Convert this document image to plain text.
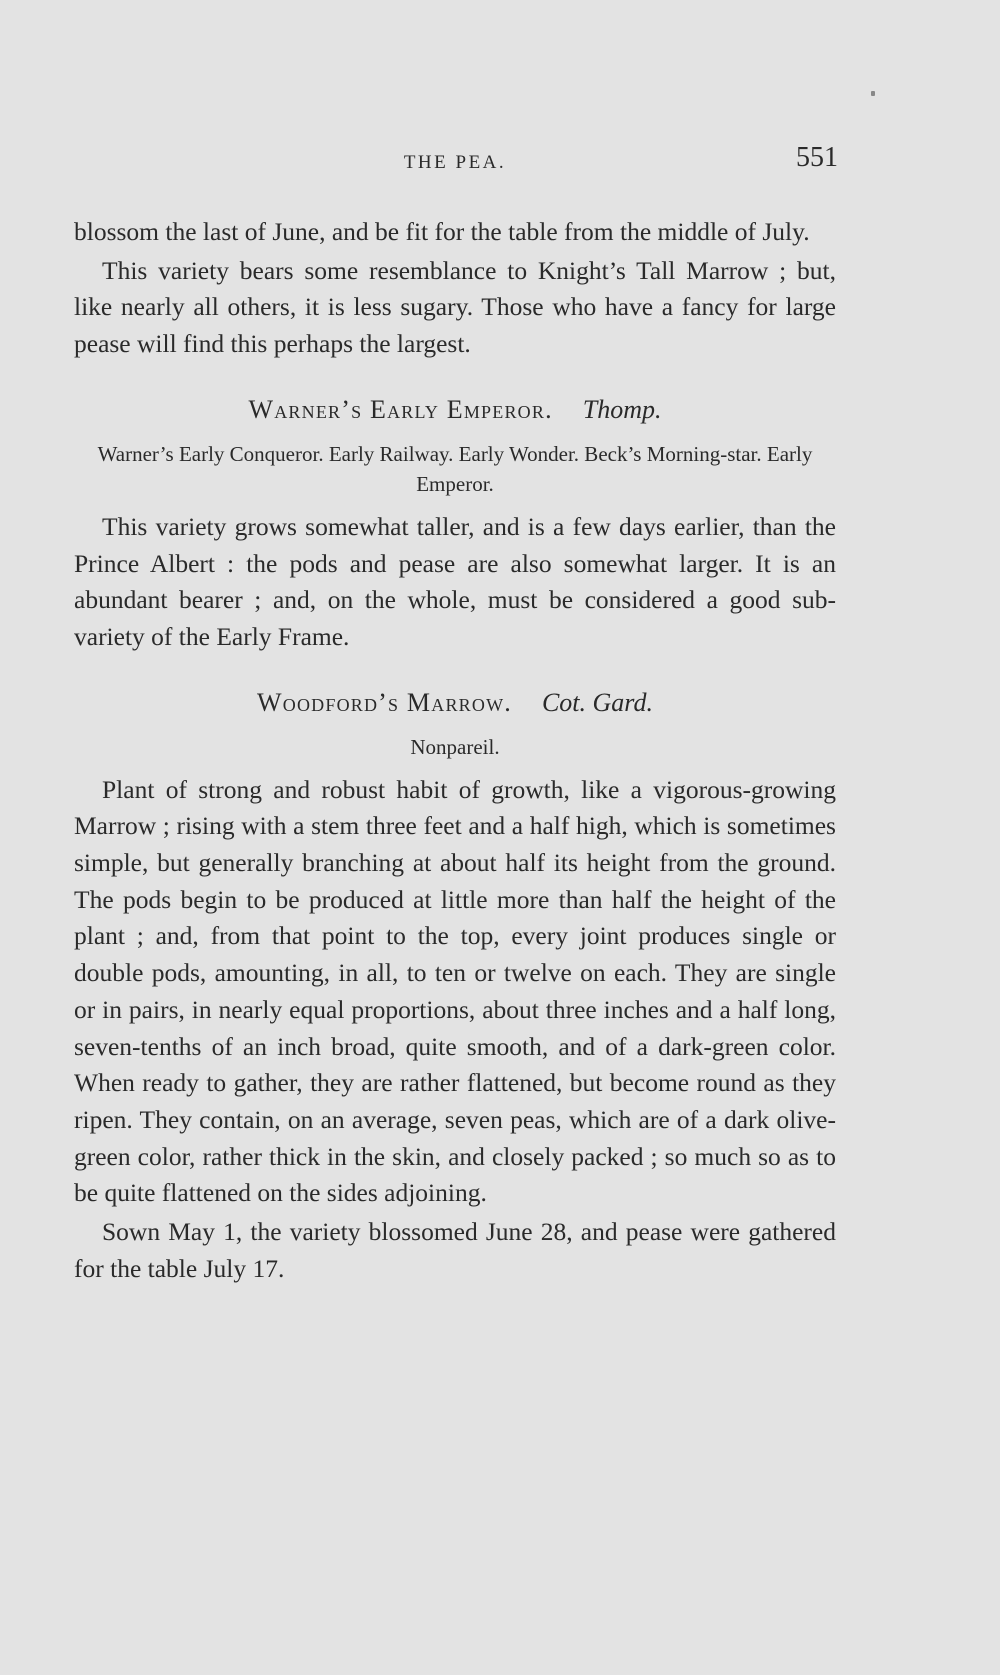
THE PEA.	551

blossom the last of June, and be fit for the table from the middle of July.

This variety bears some resemblance to Knight’s Tall Marrow ; but, like nearly all others, it is less sugary. Those who have a fancy for large pease will find this perhaps the largest.

Warner’s Early Emperor. Thomp.
Warner’s Early Conqueror. Early Railway. Early Wonder. Beck’s Morning-star. Early Emperor.

This variety grows somewhat taller, and is a few days earlier, than the Prince Albert : the pods and pease are also somewhat larger. It is an abundant bearer ; and, on the whole, must be considered a good sub-variety of the Early Frame.

Woodford’s Marrow. Cot. Gard.
Nonpareil.

Plant of strong and robust habit of growth, like a vigorous-growing Marrow ; rising with a stem three feet and a half high, which is sometimes simple, but generally branching at about half its height from the ground. The pods begin to be produced at little more than half the height of the plant ; and, from that point to the top, every joint produces single or double pods, amounting, in all, to ten or twelve on each. They are single or in pairs, in nearly equal proportions, about three inches and a half long, seven-tenths of an inch broad, quite smooth, and of a dark-green color. When ready to gather, they are rather flattened, but become round as they ripen. They contain, on an average, seven peas, which are of a dark olive-green color, rather thick in the skin, and closely packed ; so much so as to be quite flattened on the sides adjoining.

Sown May 1, the variety blossomed June 28, and pease were gathered for the table July 17.
